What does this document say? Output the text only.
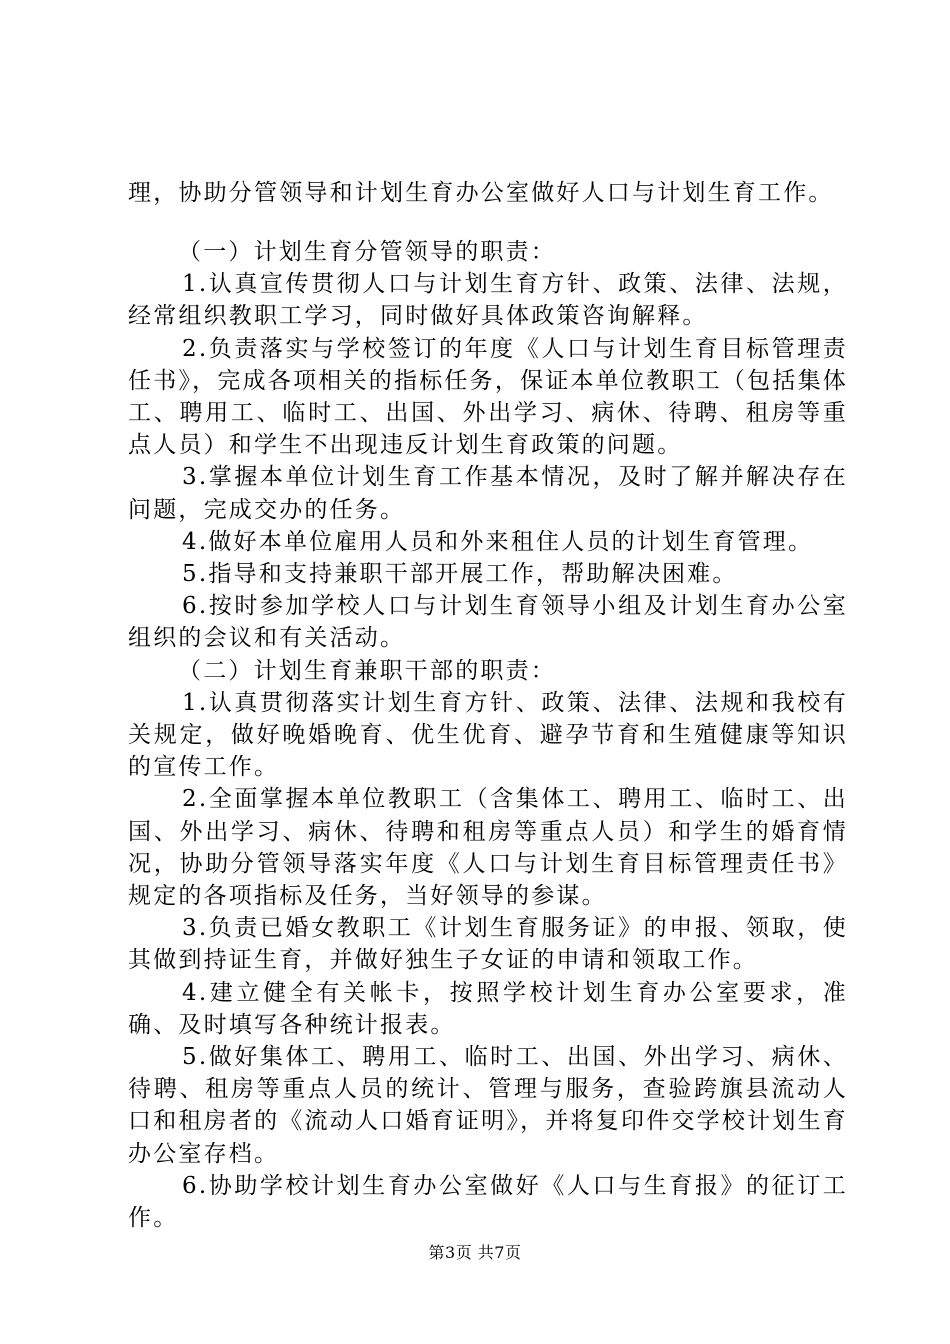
理，协助分管领导和计划生育办公室做好人口与计划生育工作。

（一）计划生育分管领导的职责：

1.认真宣传贯彻人口与计划生育方针、政策、法律、法规，经常组织教职工学习，同时做好具体政策咨询解释。

2.负责落实与学校签订的年度《人口与计划生育目标管理责任书》，完成各项相关的指标任务，保证本单位教职工（包括集体工、聘用工、临时工、出国、外出学习、病休、待聘、租房等重点人员）和学生不出现违反计划生育政策的问题。

3.掌握本单位计划生育工作基本情况，及时了解并解决存在问题，完成交办的任务。

4.做好本单位雇用人员和外来租住人员的计划生育管理。

5.指导和支持兼职干部开展工作，帮助解决困难。

6.按时参加学校人口与计划生育领导小组及计划生育办公室组织的会议和有关活动。

（二）计划生育兼职干部的职责：

1.认真贯彻落实计划生育方针、政策、法律、法规和我校有关规定，做好晚婚晚育、优生优育、避孕节育和生殖健康等知识的宣传工作。

2.全面掌握本单位教职工（含集体工、聘用工、临时工、出国、外出学习、病休、待聘和租房等重点人员）和学生的婚育情况，协助分管领导落实年度《人口与计划生育目标管理责任书》规定的各项指标及任务，当好领导的参谋。

3.负责已婚女教职工《计划生育服务证》的申报、领取，使其做到持证生育，并做好独生子女证的申请和领取工作。

4.建立健全有关帐卡，按照学校计划生育办公室要求，准确、及时填写各种统计报表。

5.做好集体工、聘用工、临时工、出国、外出学习、病休、待聘、租房等重点人员的统计、管理与服务，查验跨旗县流动人口和租房者的《流动人口婚育证明》，并将复印件交学校计划生育办公室存档。

6.协助学校计划生育办公室做好《人口与生育报》的征订工作。

第3页 共7页
